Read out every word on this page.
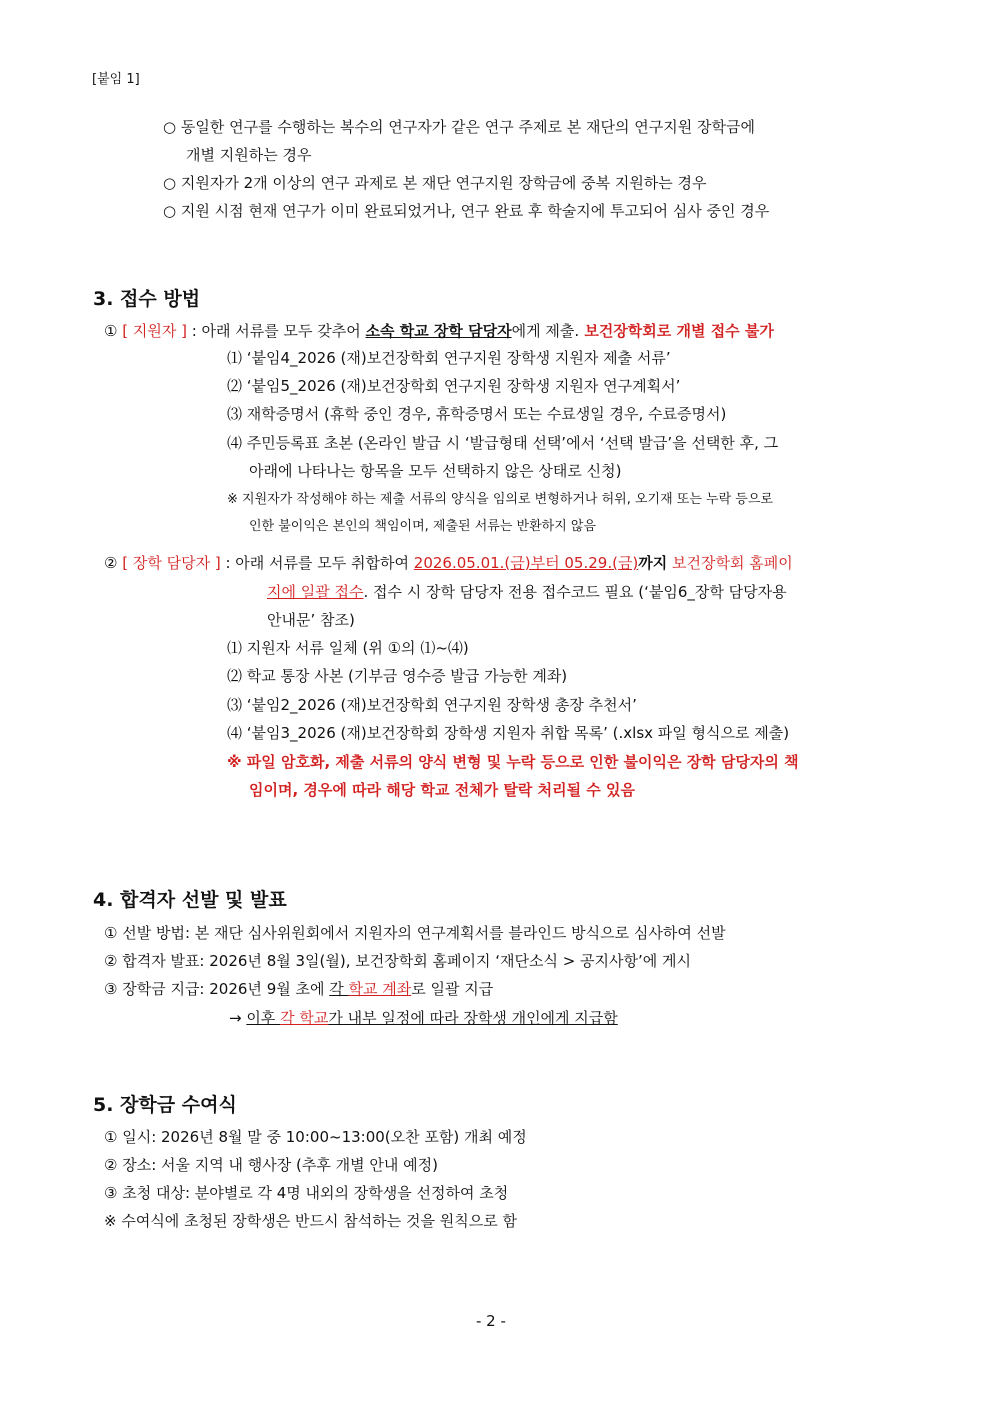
[붙임 1]
○ 동일한 연구를 수행하는 복수의 연구자가 같은 연구 주제로 본 재단의 연구지원 장학금에
개별 지원하는 경우
○ 지원자가 2개 이상의 연구 과제로 본 재단 연구지원 장학금에 중복 지원하는 경우
○ 지원 시점 현재 연구가 이미 완료되었거나, 연구 완료 후 학술지에 투고되어 심사 중인 경우
3. 접수 방법
① [ 지원자 ] : 아래 서류를 모두 갖추어 소속 학교 장학 담당자에게 제출. 보건장학회로 개별 접수 불가
⑴ ‘붙임4_2026 (재)보건장학회 연구지원 장학생 지원자 제출 서류’
⑵ ‘붙임5_2026 (재)보건장학회 연구지원 장학생 지원자 연구계획서’
⑶ 재학증명서 (휴학 중인 경우, 휴학증명서 또는 수료생일 경우, 수료증명서)
⑷ 주민등록표 초본 (온라인 발급 시 ‘발급형태 선택’에서 ‘선택 발급’을 선택한 후, 그
아래에 나타나는 항목을 모두 선택하지 않은 상태로 신청)
※ 지원자가 작성해야 하는 제출 서류의 양식을 임의로 변형하거나 허위, 오기재 또는 누락 등으로
인한 불이익은 본인의 책임이며, 제출된 서류는 반환하지 않음
② [ 장학 담당자 ] : 아래 서류를 모두 취합하여 2026.05.01.(금)부터 05.29.(금)까지 보건장학회 홈페이
지에 일괄 접수. 접수 시 장학 담당자 전용 접수코드 필요 (‘붙임6_장학 담당자용
안내문’ 참조)
⑴ 지원자 서류 일체 (위 ①의 ⑴~⑷)
⑵ 학교 통장 사본 (기부금 영수증 발급 가능한 계좌)
⑶ ‘붙임2_2026 (재)보건장학회 연구지원 장학생 총장 추천서’
⑷ ‘붙임3_2026 (재)보건장학회 장학생 지원자 취합 목록’ (.xlsx 파일 형식으로 제출)
※ 파일 암호화, 제출 서류의 양식 변형 및 누락 등으로 인한 불이익은 장학 담당자의 책
임이며, 경우에 따라 해당 학교 전체가 탈락 처리될 수 있음
4. 합격자 선발 및 발표
① 선발 방법: 본 재단 심사위원회에서 지원자의 연구계획서를 블라인드 방식으로 심사하여 선발
② 합격자 발표: 2026년 8월 3일(월), 보건장학회 홈페이지 ‘재단소식 > 공지사항’에 게시
③ 장학금 지급: 2026년 9월 초에 각 학교 계좌로 일괄 지급
→ 이후 각 학교가 내부 일정에 따라 장학생 개인에게 지급함
5. 장학금 수여식
① 일시: 2026년 8월 말 중 10:00~13:00(오찬 포함) 개최 예정
② 장소: 서울 지역 내 행사장 (추후 개별 안내 예정)
③ 초청 대상: 분야별로 각 4명 내외의 장학생을 선정하여 초청
※ 수여식에 초청된 장학생은 반드시 참석하는 것을 원칙으로 함
- 2 -
